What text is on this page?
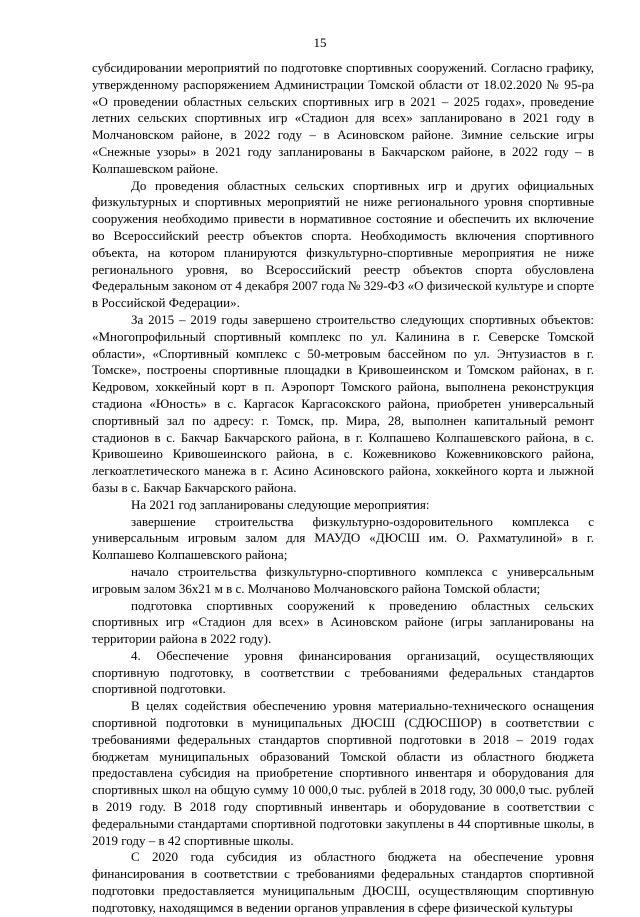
15

субсидировании мероприятий по подготовке спортивных сооружений. Согласно графику, утвержденному распоряжением Администрации Томской области от 18.02.2020 № 95-ра «О проведении областных сельских спортивных игр в 2021 – 2025 годах», проведение летних сельских спортивных игр «Стадион для всех» запланировано в 2021 году в Молчановском районе, в 2022 году – в Асиновском районе. Зимние сельские игры «Снежные узоры» в 2021 году запланированы в Бакчарском районе, в 2022 году – в Колпашевском районе.

До проведения областных сельских спортивных игр и других официальных физкультурных и спортивных мероприятий не ниже регионального уровня спортивные сооружения необходимо привести в нормативное состояние и обеспечить их включение во Всероссийский реестр объектов спорта. Необходимость включения спортивного объекта, на котором планируются физкультурно-спортивные мероприятия не ниже регионального уровня, во Всероссийский реестр объектов спорта обусловлена Федеральным законом от 4 декабря 2007 года № 329-ФЗ «О физической культуре и спорте в Российской Федерации».

За 2015 – 2019 годы завершено строительство следующих спортивных объектов: «Многопрофильный спортивный комплекс по ул. Калинина в г. Северске Томской области», «Спортивный комплекс с 50-метровым бассейном по ул. Энтузиастов в г. Томске», построены спортивные площадки в Кривошеинском и Томском районах, в г. Кедровом, хоккейный корт в п. Аэропорт Томского района, выполнена реконструкция стадиона «Юность» в с. Каргасок Каргасокского района, приобретен универсальный спортивный зал по адресу: г. Томск, пр. Мира, 28, выполнен капитальный ремонт стадионов в с. Бакчар Бакчарского района, в г. Колпашево Колпашевского района, в с. Кривошеино Кривошеинского района, в с. Кожевниково Кожевниковского района, легкоатлетического манежа в г. Асино Асиновского района, хоккейного корта и лыжной базы в с. Бакчар Бакчарского района.

На 2021 год запланированы следующие мероприятия:

завершение строительства физкультурно-оздоровительного комплекса с универсальным игровым залом для МАУДО «ДЮСШ им. О. Рахматулиной» в г. Колпашево Колпашевского района;

начало строительства физкультурно-спортивного комплекса с универсальным игровым залом 36х21 м в с. Молчаново Молчановского района Томской области;

подготовка спортивных сооружений к проведению областных сельских спортивных игр «Стадион для всех» в Асиновском районе (игры запланированы на территории района в 2022 году).

4. Обеспечение уровня финансирования организаций, осуществляющих спортивную подготовку, в соответствии с требованиями федеральных стандартов спортивной подготовки.

В целях содействия обеспечению уровня материально-технического оснащения спортивной подготовки в муниципальных ДЮСШ (СДЮСШОР) в соответствии с требованиями федеральных стандартов спортивной подготовки в 2018 – 2019 годах бюджетам муниципальных образований Томской области из областного бюджета предоставлена субсидия на приобретение спортивного инвентаря и оборудования для спортивных школ на общую сумму 10 000,0 тыс. рублей в 2018 году, 30 000,0 тыс. рублей в 2019 году. В 2018 году спортивный инвентарь и оборудование в соответствии с федеральными стандартами спортивной подготовки закуплены в 44 спортивные школы, в 2019 году – в 42 спортивные школы.

С 2020 года субсидия из областного бюджета на обеспечение уровня финансирования в соответствии с требованиями федеральных стандартов спортивной подготовки предоставляется муниципальным ДЮСШ, осуществляющим спортивную подготовку, находящимся в ведении органов управления в сфере физической культуры
